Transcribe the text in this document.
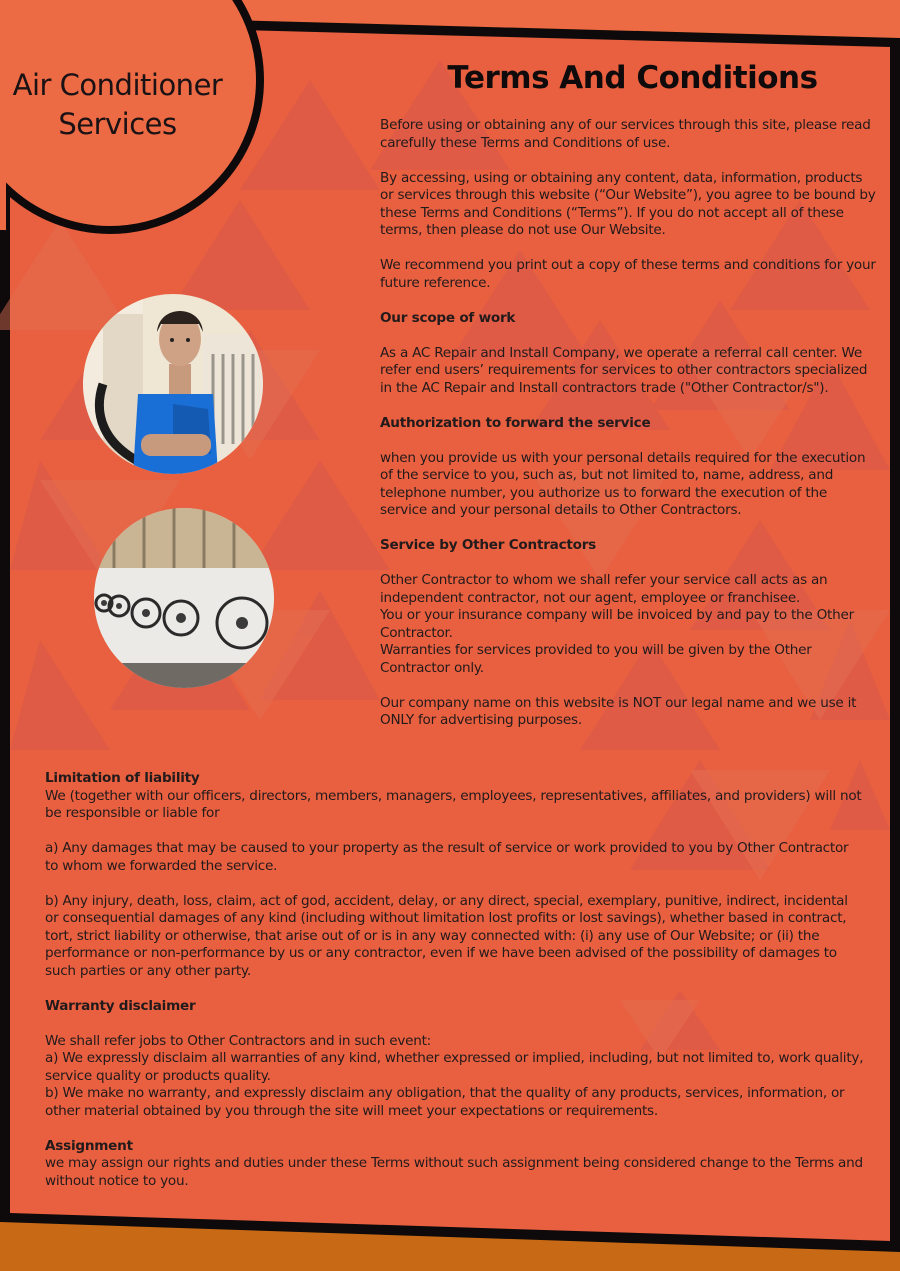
Air Conditioner
Services
Terms And Conditions

Before using or obtaining any of our services through this site, please read carefully these Terms and Conditions of use.

By accessing, using or obtaining any content, data, information, products or services through this website (“Our Website”), you agree to be bound by these Terms and Conditions (“Terms”). If you do not accept all of these terms, then please do not use Our Website.

We recommend you print out a copy of these terms and conditions for your future reference.

Our scope of work

As a AC Repair and Install Company, we operate a referral call center. We refer end users’ requirements for services to other contractors specialized in the AC Repair and Install contractors trade ("Other Contractor/s").

Authorization to forward the service

when you provide us with your personal details required for the execution of the service to you, such as, but not limited to, name, address, and telephone number, you authorize us to forward the execution of the service and your personal details to Other Contractors.

Service by Other Contractors
Other Contractor to whom we shall refer your service call acts as an independent contractor, not our agent, employee or franchisee.
You or your insurance company will be invoiced by and pay to the Other Contractor.

Warranties for services provided to you will be given by the Other Contractor only.

Our company name on this website is NOT our legal name and we use it ONLY for advertising purposes.

Limitation of liability

We (together with our officers, directors, members, managers, employees, representatives, affiliates, and providers) will not be responsible or liable for

a) Any damages that may be caused to your property as the result of service or work provided to you by Other Contractor to whom we forwarded the service.

b) Any injury, death, loss, claim, act of god, accident, delay, or any direct, special, exemplary, punitive, indirect, incidental or consequential damages of any kind (including without limitation lost profits or lost savings), whether based in contract, tort, strict liability or otherwise, that arise out of or is in any way connected with: (i) any use of Our Website; or (ii) the performance or non-performance by us or any contractor, even if we have been advised of the possibility of damages to such parties or any other party.

Warranty disclaimer
We shall refer jobs to Other Contractors and in such event:
a) We expressly disclaim all warranties of any kind, whether expressed or implied, including, but not limited to, work quality, service quality or products quality.

b) We make no warranty, and expressly disclaim any obligation, that the quality of any products, services, information, or other material obtained by you through the site will meet your expectations or requirements.

Assignment
we may assign our rights and duties under these Terms without such assignment being considered change to the Terms and without notice to you.
